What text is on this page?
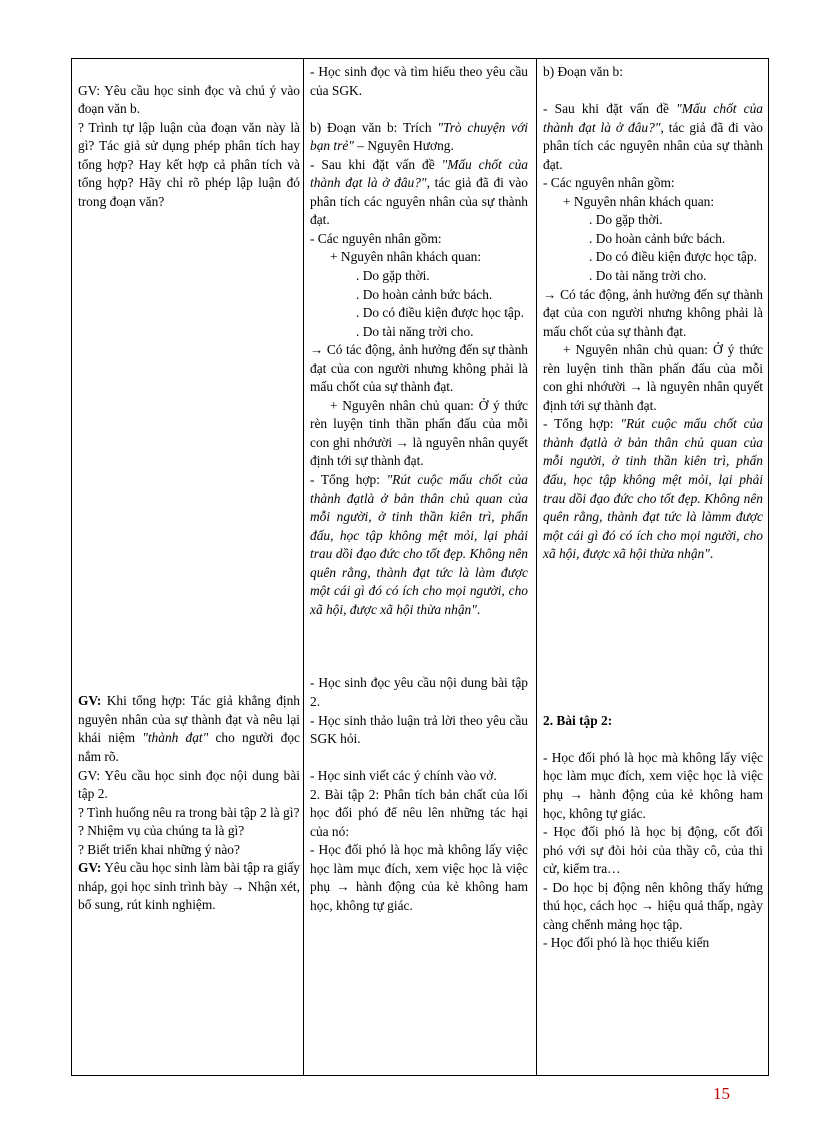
GV: Yêu cầu học sinh đọc và chú ý vào đoạn văn b.

? Trình tự lập luận của đoạn văn này là gì? Tác giả sử dụng phép phân tích hay tổng hợp? Hay kết hợp cả phân tích và tổng hợp? Hãy chỉ rõ phép lập luận đó trong đoạn văn?

GV: Khi tổng hợp: Tác giả khẳng định nguyên nhân của sự thành đạt và nêu lại khái niệm "thành đạt" cho người đọc nắm rõ.

GV: Yêu cầu học sinh đọc nội dung bài tập 2.

? Tình huống nêu ra trong bài tập 2 là gì?

? Nhiệm vụ của chúng ta là gì?

? Biết triển khai những ý nào?

GV: Yêu cầu học sinh làm bài tập ra giấy nháp, gọi học sinh trình bày → Nhận xét, bổ sung, rút kinh nghiệm.

- Học sinh đọc và tìm hiểu theo yêu cầu của SGK.

b) Đoạn văn b: Trích "Trò chuyện với bạn trẻ" – Nguyên Hương.

- Sau khi đặt vấn đề "Mấu chốt của thành đạt là ở đâu?", tác giả đã đi vào phân tích các nguyên nhân của sự thành đạt.

- Các nguyên nhân gồm:

+ Nguyên nhân khách quan:

. Do gặp thời.

. Do hoàn cảnh bức bách.

. Do có điều kiện được học tập.

. Do tài năng trời cho.

→ Có tác động, ảnh hưởng đến sự thành đạt của con người nhưng không phải là mấu chốt của sự thành đạt.

+ Nguyên nhân chủ quan: Ở ý thức rèn luyện tinh thần phấn đấu của mỗi con ghi nhớười → là nguyên nhân quyết định tới sự thành đạt.

- Tổng hợp: "Rút cuộc mấu chốt của thành đạtlà ở bản thân chủ quan của mỗi người, ở tinh thần kiên trì, phấn đấu, học tập không mệt mỏi, lại phải trau dồi đạo đức cho tốt đẹp. Không nên quên rằng, thành đạt tức là làm được một cái gì đó có ích cho mọi người, cho xã hội, được xã hội thừa nhận".

- Học sinh đọc yêu cầu nội dung bài tập 2.

- Học sinh thảo luận trả lời theo yêu cầu SGK hỏi.

- Học sinh viết các ý chính vào vở.

2. Bài tập 2: Phân tích bản chất của lối học đối phó để nêu lên những tác hại của nó:

- Học đối phó là học mà không lấy việc học làm mục đích, xem việc học là việc phụ → hành động của kẻ không ham học, không tự giác.

b) Đoạn văn b:

- Sau khi đặt vấn đề "Mấu chốt của thành đạt là ở đâu?", tác giả đã đi vào phân tích các nguyên nhân của sự thành đạt.

- Các nguyên nhân gồm:

+ Nguyên nhân khách quan:

. Do gặp thời.

. Do hoàn cảnh bức bách.

. Do có điều kiện được học tập.

. Do tài năng trời cho.

→ Có tác động, ảnh hưởng đến sự thành đạt của con người nhưng không phải là mấu chốt của sự thành đạt.

+ Nguyên nhân chủ quan: Ở ý thức rèn luyện tinh thần phấn đấu của mỗi con ghi nhớười → là nguyên nhân quyết định tới sự thành đạt.

- Tổng hợp: "Rút cuộc mấu chốt của thành đạtlà ở bản thân chủ quan của mỗi người, ở tinh thần kiên trì, phấn đấu, học tập không mệt mỏi, lại phải trau dồi đạo đức cho tốt đẹp. Không nên quên rằng, thành đạt tức là làmm được một cái gì đó có ích cho mọi người, cho xã hội, được xã hội thừa nhận".

2. Bài tập 2:

- Học đối phó là học mà không lấy việc học làm mục đích, xem việc học là việc phụ → hành động của kẻ không ham học, không tự giác.

- Học đối phó là học bị động, cốt đối phó với sự đòi hỏi của thầy cô, của thi cử, kiểm tra…

- Do học bị động nên không thấy hứng thú học, cách học → hiệu quả thấp, ngày càng chểnh mảng học tập.

- Học đối phó là học thiếu kiến

15
